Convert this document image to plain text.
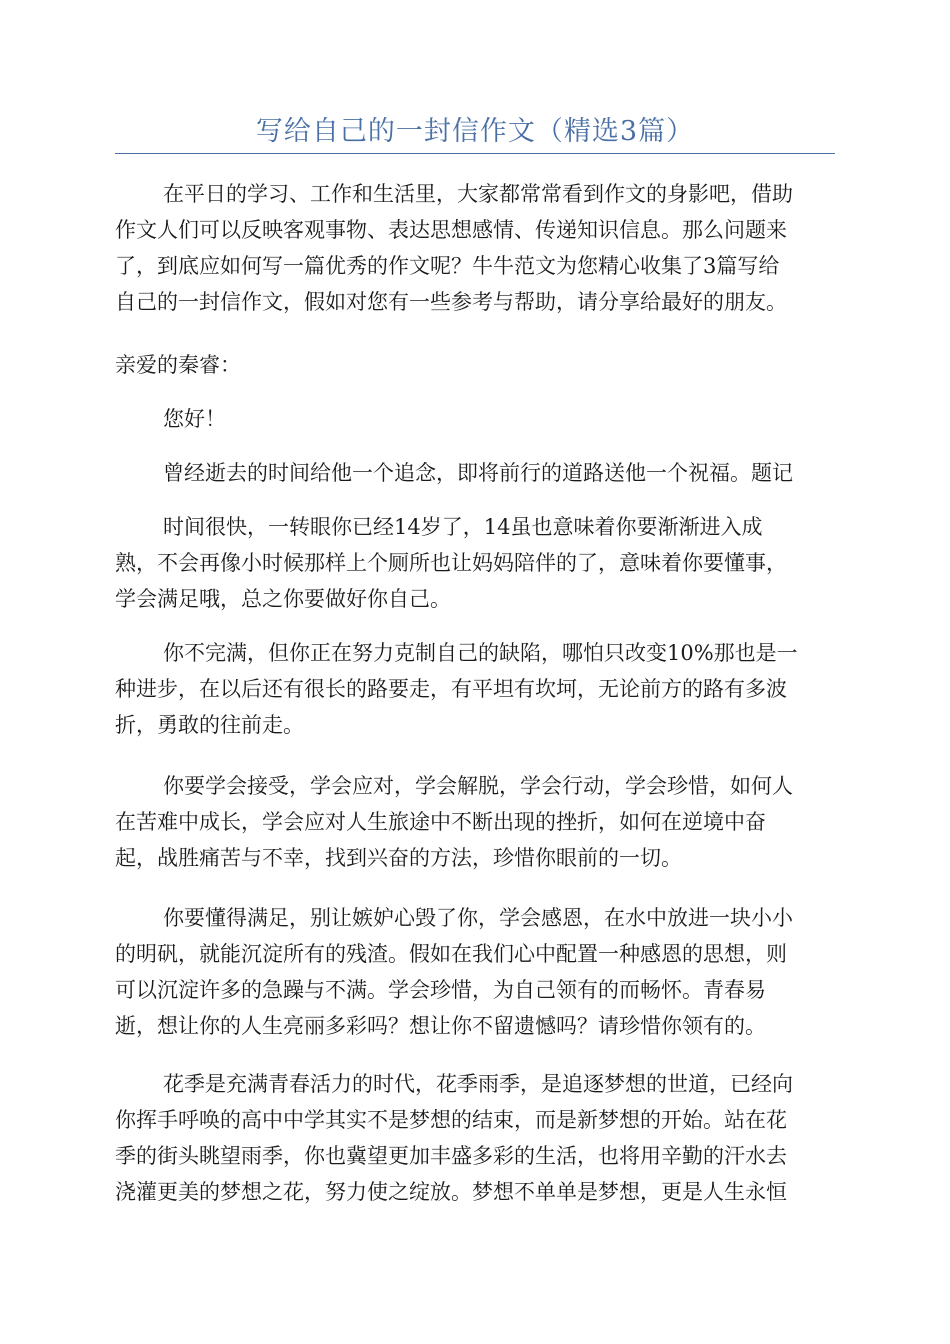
写给自己的一封信作文（精选3篇）
在平日的学习、工作和生活里，大家都常常看到作文的身影吧，借助
作文人们可以反映客观事物、表达思想感情、传递知识信息。那么问题来
了，到底应如何写一篇优秀的作文呢？牛牛范文为您精心收集了3篇写给
自己的一封信作文，假如对您有一些参考与帮助，请分享给最好的朋友。
亲爱的秦睿：
您好！
曾经逝去的时间给他一个追念，即将前行的道路送他一个祝福。题记
时间很快，一转眼你已经14岁了，14虽也意味着你要渐渐进入成
熟，不会再像小时候那样上个厕所也让妈妈陪伴的了，意味着你要懂事，
学会满足哦，总之你要做好你自己。
你不完满，但你正在努力克制自己的缺陷，哪怕只改变10%那也是一
种进步，在以后还有很长的路要走，有平坦有坎坷，无论前方的路有多波
折，勇敢的往前走。
你要学会接受，学会应对，学会解脱，学会行动，学会珍惜，如何人
在苦难中成长，学会应对人生旅途中不断出现的挫折，如何在逆境中奋
起，战胜痛苦与不幸，找到兴奋的方法，珍惜你眼前的一切。
你要懂得满足，别让嫉妒心毁了你，学会感恩，在水中放进一块小小
的明矾，就能沉淀所有的残渣。假如在我们心中配置一种感恩的思想，则
可以沉淀许多的急躁与不满。学会珍惜，为自己领有的而畅怀。青春易
逝，想让你的人生亮丽多彩吗？想让你不留遗憾吗？请珍惜你领有的。
花季是充满青春活力的时代，花季雨季，是追逐梦想的世道，已经向
你挥手呼唤的高中中学其实不是梦想的结束，而是新梦想的开始。站在花
季的街头眺望雨季，你也冀望更加丰盛多彩的生活，也将用辛勤的汗水去
浇灌更美的梦想之花，努力使之绽放。梦想不单单是梦想，更是人生永恒
